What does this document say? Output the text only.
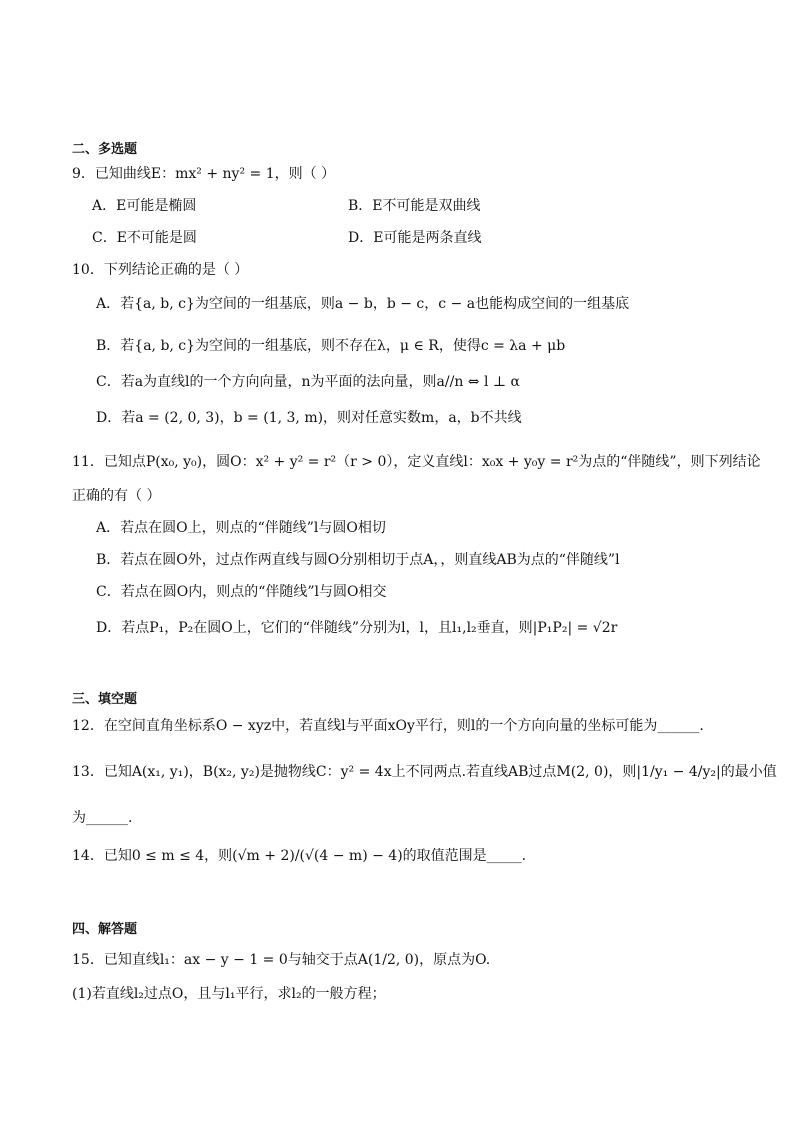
二、多选题
9．已知曲线E：mx² + ny² = 1，则（ ）
A．E可能是椭圆	B．E不可能是双曲线
C．E不可能是圆	D．E可能是两条直线
10．下列结论正确的是（ ）
A．若{a, b, c}为空间的一组基底，则a − b，b − c，c − a也能构成空间的一组基底
B．若{a, b, c}为空间的一组基底，则不存在λ，μ ∈ R，使得c = λa + μb
C．若a为直线l的一个方向向量，n为平面的法向量，则a//n ⇔ l ⊥ α
D．若a = (2, 0, 3)，b = (1, 3, m)，则对任意实数m，a，b不共线
11．已知点P(x₀, y₀)，圆O：x² + y² = r²（r > 0），定义直线l：x₀x + y₀y = r²为点的“伴随线”，则下列结论
正确的有（ ）
A．若点在圆O上，则点的“伴随线”l与圆O相切
B．若点在圆O外，过点作两直线与圆O分别相切于点A，，则直线AB为点的“伴随线”l
C．若点在圆O内，则点的“伴随线”l与圆O相交
D．若点P₁，P₂在圆O上，它们的“伴随线”分别为l，l，且l₁,l₂垂直，则|P₁P₂| = √2r
三、填空题
12．在空间直角坐标系O − xyz中，若直线l与平面xOy平行，则l的一个方向向量的坐标可能为______.
13．已知A(x₁, y₁)，B(x₂, y₂)是抛物线C：y² = 4x上不同两点.若直线AB过点M(2, 0)，则|1/y₁ − 4/y₂|的最小值
为______.
14．已知0 ≤ m ≤ 4，则(√m + 2)/(√(4 − m) − 4)的取值范围是_____.
四、解答题
15．已知直线l₁：ax − y − 1 = 0与轴交于点A(1/2, 0)，原点为O.
(1)若直线l₂过点O，且与l₁平行，求l₂的一般方程；
